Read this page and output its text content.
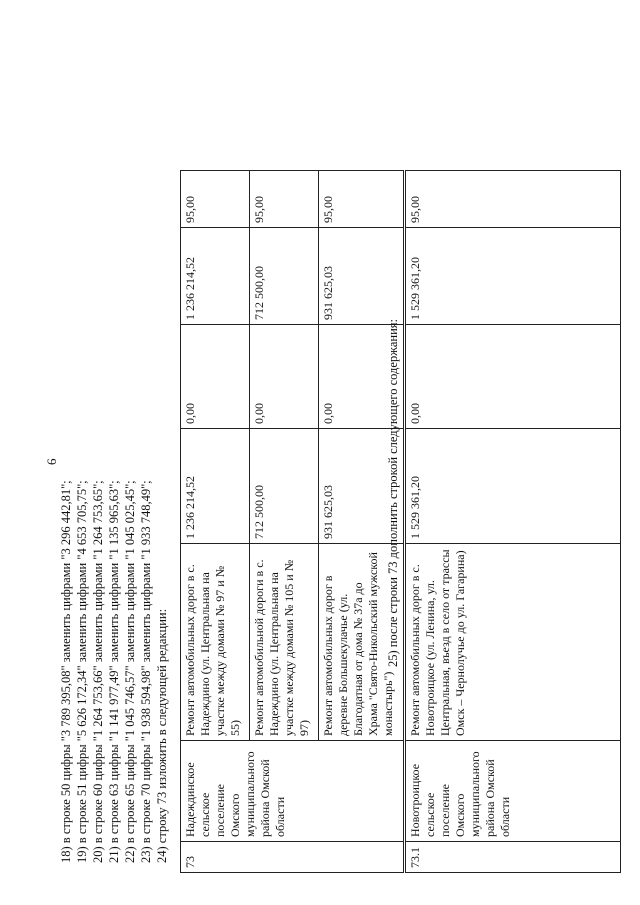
6
18) в строке 50 цифры "3 789 395,08" заменить цифрами "3 296 442,81"; 19) в строке 51 цифры "5 626 172,34" заменить цифрами "4 653 705,75"; 20) в строке 60 цифры "1 264 753,66" заменить цифрами "1 264 753,65"; 21) в строке 63 цифры "1 141 977,49" заменить цифрами "1 135 965,63"; 22) в строке 65 цифры "1 045 746,57" заменить цифрами "1 045 025,45"; 23) в строке 70 цифры "1 938 594,98" заменить цифрами "1 933 748,49"; 24) строку 73 изложить в следующей редакции: 73	Надеждинское сельское поселение Омского муниципального района Омской области	Ремонт автомобильных дорог в с. Надеждино (ул. Центральная на участке между домами № 97 и № 55)	1 236 214,52	0,00	1 236 214,52	95,00
		Ремонт автомобильной дороги в с. Надеждино (ул. Центральная на участке между домами № 105 и № 97)	712 500,00	0,00	712 500,00	95,00
		Ремонт автомобильных дорог в деревне Большекулачье (ул. Благодатная от дома № 37а до Храма "Свято-Никольский мужской монастырь")	931 625,03	0,00	931 625,03	95,00
25) после строки 73 дополнить строкой следующего содержания:
73.1	Новотроицкое сельское поселение Омского муниципального района Омской области	Ремонт автомобильных дорог в с. Новотроицкое (ул. Ленина, ул. Центральная, въезд в село от трассы Омск – Чернолучье до ул. Гагарина)	1 529 361,20	0,00	1 529 361,20	95,00
